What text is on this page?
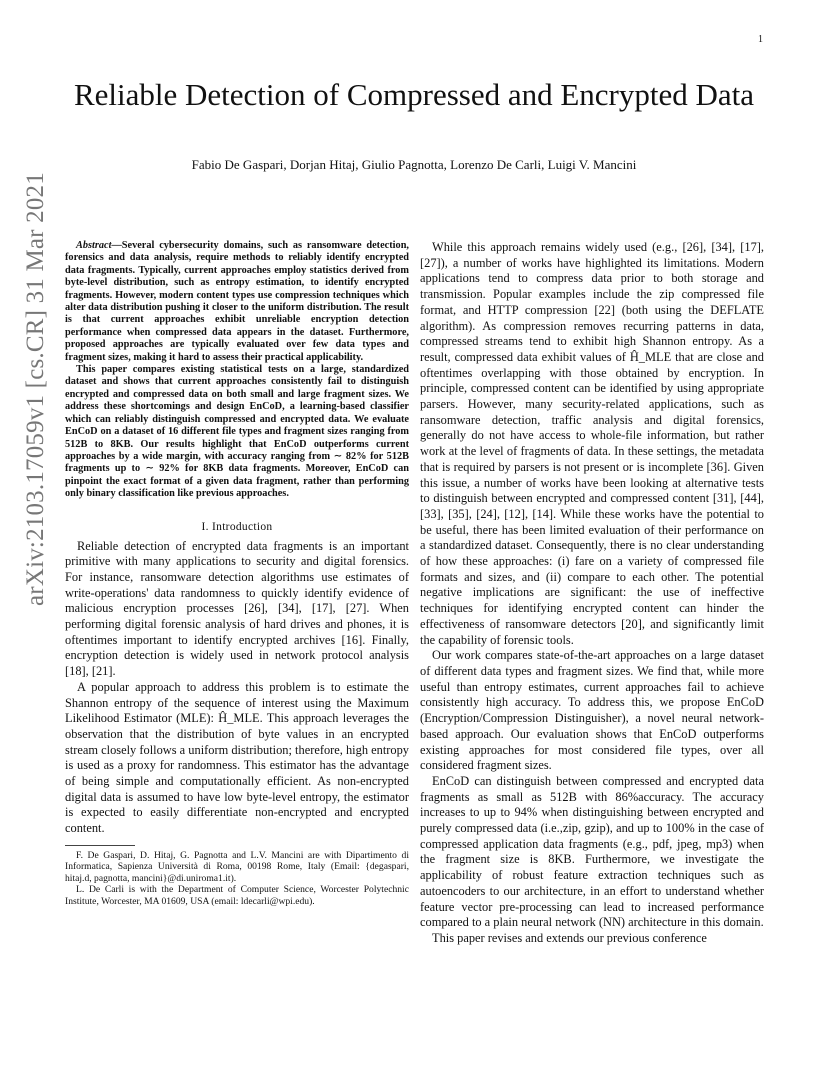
1
arXiv:2103.17059v1 [cs.CR] 31 Mar 2021
Reliable Detection of Compressed and Encrypted Data
Fabio De Gaspari, Dorjan Hitaj, Giulio Pagnotta, Lorenzo De Carli, Luigi V. Mancini

Abstract—Several cybersecurity domains, such as ransomware detection, forensics and data analysis, require methods to reliably identify encrypted data fragments. Typically, current approaches employ statistics derived from byte-level distribution, such as entropy estimation, to identify encrypted fragments. However, modern content types use compression techniques which alter data distribution pushing it closer to the uniform distribution. The result is that current approaches exhibit unreliable encryption detection performance when compressed data appears in the dataset. Furthermore, proposed approaches are typically evaluated over few data types and fragment sizes, making it hard to assess their practical applicability.

This paper compares existing statistical tests on a large, standardized dataset and shows that current approaches consistently fail to distinguish encrypted and compressed data on both small and large fragment sizes. We address these shortcomings and design EnCoD, a learning-based classifier which can reliably distinguish compressed and encrypted data. We evaluate EnCoD on a dataset of 16 different file types and fragment sizes ranging from 512B to 8KB. Our results highlight that EnCoD outperforms current approaches by a wide margin, with accuracy ranging from ∼ 82% for 512B fragments up to ∼ 92% for 8KB data fragments. Moreover, EnCoD can pinpoint the exact format of a given data fragment, rather than performing only binary classification like previous approaches.

I. Introduction

Reliable detection of encrypted data fragments is an important primitive with many applications to security and digital forensics. For instance, ransomware detection algorithms use estimates of write-operations' data randomness to quickly identify evidence of malicious encryption processes [26], [34], [17], [27]. When performing digital forensic analysis of hard drives and phones, it is oftentimes important to identify encrypted archives [16]. Finally, encryption detection is widely used in network protocol analysis [18], [21].

A popular approach to address this problem is to estimate the Shannon entropy of the sequence of interest using the Maximum Likelihood Estimator (MLE): Ĥ_MLE. This approach leverages the observation that the distribution of byte values in an encrypted stream closely follows a uniform distribution; therefore, high entropy is used as a proxy for randomness. This estimator has the advantage of being simple and computationally efficient. As non-encrypted digital data is assumed to have low byte-level entropy, the estimator is expected to easily differentiate non-encrypted and encrypted content.

F. De Gaspari, D. Hitaj, G. Pagnotta and L.V. Mancini are with Dipartimento di Informatica, Sapienza Università di Roma, 00198 Rome, Italy (Email: {degaspari, hitaj.d, pagnotta, mancini}@di.uniroma1.it).

L. De Carli is with the Department of Computer Science, Worcester Polytechnic Institute, Worcester, MA 01609, USA (email: ldecarli@wpi.edu).

While this approach remains widely used (e.g., [26], [34], [17], [27]), a number of works have highlighted its limitations. Modern applications tend to compress data prior to both storage and transmission. Popular examples include the zip compressed file format, and HTTP compression [22] (both using the DEFLATE algorithm). As compression removes recurring patterns in data, compressed streams tend to exhibit high Shannon entropy. As a result, compressed data exhibit values of Ĥ_MLE that are close and oftentimes overlapping with those obtained by encryption. In principle, compressed content can be identified by using appropriate parsers. However, many security-related applications, such as ransomware detection, traffic analysis and digital forensics, generally do not have access to whole-file information, but rather work at the level of fragments of data. In these settings, the metadata that is required by parsers is not present or is incomplete [36]. Given this issue, a number of works have been looking at alternative tests to distinguish between encrypted and compressed content [31], [44], [33], [35], [24], [12], [14]. While these works have the potential to be useful, there has been limited evaluation of their performance on a standardized dataset. Consequently, there is no clear understanding of how these approaches: (i) fare on a variety of compressed file formats and sizes, and (ii) compare to each other. The potential negative implications are significant: the use of ineffective techniques for identifying encrypted content can hinder the effectiveness of ransomware detectors [20], and significantly limit the capability of forensic tools.

Our work compares state-of-the-art approaches on a large dataset of different data types and fragment sizes. We find that, while more useful than entropy estimates, current approaches fail to achieve consistently high accuracy. To address this, we propose EnCoD (Encryption/Compression Distinguisher), a novel neural network-based approach. Our evaluation shows that EnCoD outperforms existing approaches for most considered file types, over all considered fragment sizes.

EnCoD can distinguish between compressed and encrypted data fragments as small as 512B with 86%accuracy. The accuracy increases to up to 94% when distinguishing between encrypted and purely compressed data (i.e.,zip, gzip), and up to 100% in the case of compressed application data fragments (e.g., pdf, jpeg, mp3) when the fragment size is 8KB. Furthermore, we investigate the applicability of robust feature extraction techniques such as autoencoders to our architecture, in an effort to understand whether feature vector pre-processing can lead to increased performance compared to a plain neural network (NN) architecture in this domain.

This paper revises and extends our previous conference
